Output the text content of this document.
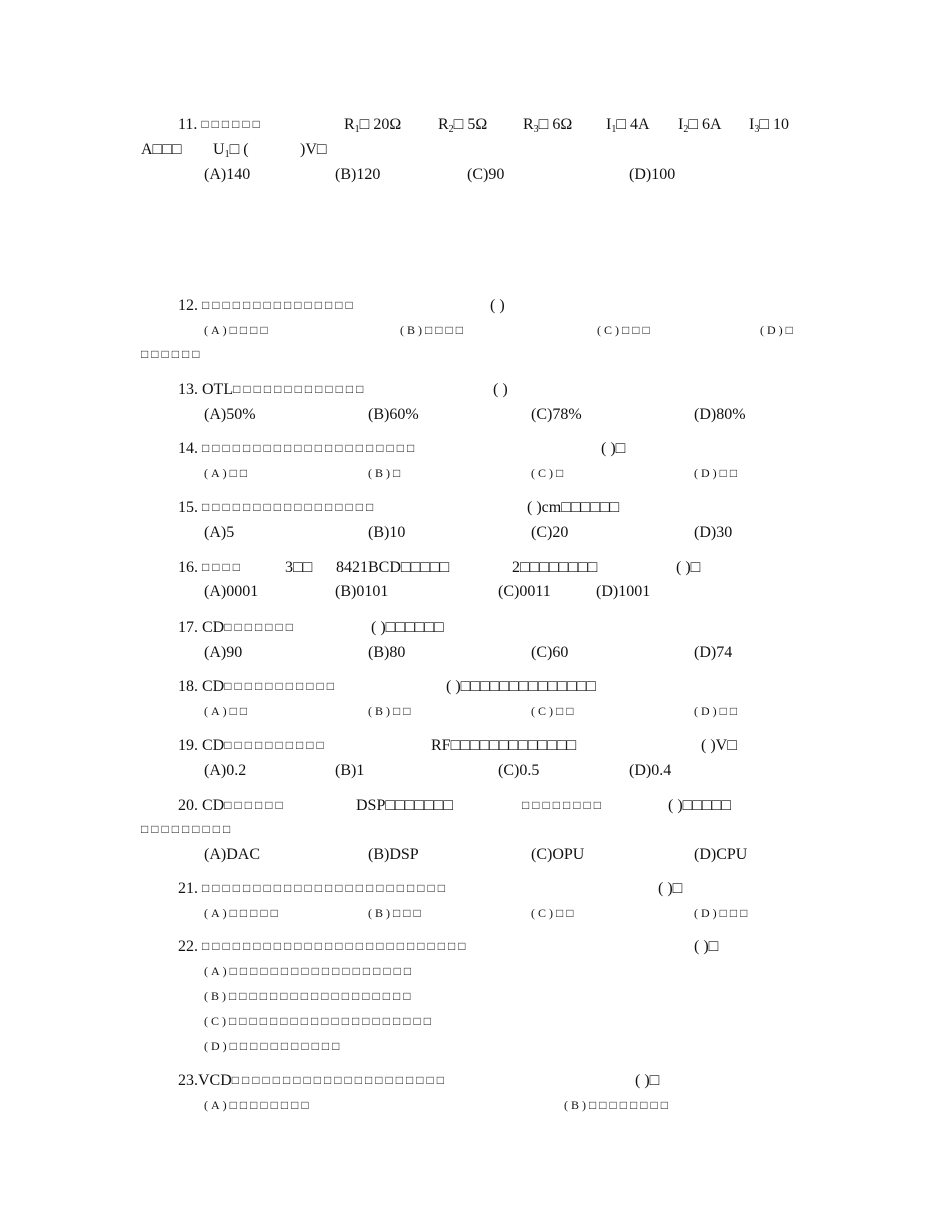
11. □□□□□□	$R_1□$ 20Ω $R_2□$ 5Ω $R_3□$ 6Ω $I_1□$ 4A $I_2□$ 6A $I_3□$ 10
A□□□ $U_1□$ (	)V□
(A)140	(B)120	(C)90	(D)100
12. □□□□□□□□□□□□□□□	( )
(A)□□□□	(B)□□□□	(C)□□□	(D)□
□□□□□□
13. OTL□□□□□□□□□□□□□	( )
(A)50%	(B)60%	(C)78%	(D)80%
14. □□□□□□□□□□□□□□□□□□□□□	( )□
(A)□□	(B)□	(C)□	(D)□□
15. □□□□□□□□□□□□□□□□□	( )cm□□□□□□
(A)5	(B)10	(C)20	(D)30
16. □□□□	3□□ 8421BCD□□□□□	2□□□□□□□□	( )□
(A)0001	(B)0101	(C)0011	(D)1001
17. CD□□□□□□□	( )□□□□□□
(A)90	(B)80	(C)60	(D)74
18. CD□□□□□□□□□□□	( )□□□□□□□□□□□□□□
(A)□□	(B)□□	(C)□□	(D)□□
19. CD□□□□□□□□□□	RF□□□□□□□□□□□□□	( )V□
(A)0.2	(B)1	(C)0.5	(D)0.4
20. CD□□□□□□	DSP□□□□□□□	□□□□□□□□	( )□□□□□
□□□□□□□□□
(A)DAC	(B)DSP	(C)OPU	(D)CPU
21. □□□□□□□□□□□□□□□□□□□□□□□□	( )□
(A)□□□□□	(B)□□□	(C)□□	(D)□□□
22. □□□□□□□□□□□□□□□□□□□□□□□□□□	( )□
(A)□□□□□□□□□□□□□□□□□□
(B)□□□□□□□□□□□□□□□□□□
(C)□□□□□□□□□□□□□□□□□□□□
(D)□□□□□□□□□□□
23.VCD□□□□□□□□□□□□□□□□□□□□□	( )□
(A)□□□□□□□□	(B)□□□□□□□□
